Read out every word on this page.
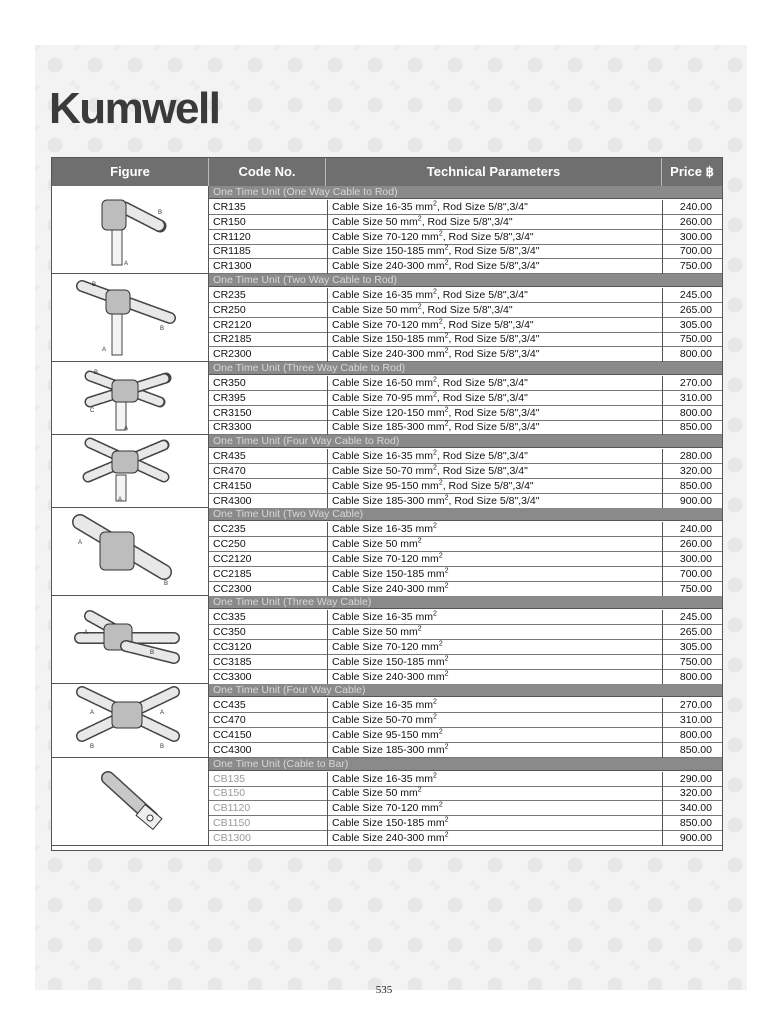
Kumwell
Figure	Code No.	Technical Parameters	Price ฿
A
B
One Time Unit (One Way Cable to Rod)
CR135	Cable Size 16-35 $mm^2$, Rod Size 5/8",3/4"	240.00
CR150	Cable Size 50 $mm^2$, Rod Size 5/8",3/4"	260.00
CR1120	Cable Size 70-120 $mm^2$, Rod Size 5/8",3/4"	300.00
CR1185	Cable Size 150-185 $mm^2$, Rod Size 5/8",3/4"	700.00
CR1300	Cable Size 240-300 $mm^2$, Rod Size 5/8",3/4"	750.00
A
B
B
One Time Unit (Two Way Cable to Rod)
CR235	Cable Size 16-35 $mm^2$, Rod Size 5/8",3/4"	245.00
CR250	Cable Size 50 $mm^2$, Rod Size 5/8",3/4"	265.00
CR2120	Cable Size 70-120 $mm^2$, Rod Size 5/8",3/4"	305.00
CR2185	Cable Size 150-185 $mm^2$, Rod Size 5/8",3/4"	750.00
CR2300	Cable Size 240-300 $mm^2$, Rod Size 5/8",3/4"	800.00
B
C
A
One Time Unit (Three Way Cable to Rod)
CR350	Cable Size 16-50 $mm^2$, Rod Size 5/8",3/4"	270.00
CR395	Cable Size 70-95 $mm^2$, Rod Size 5/8",3/4"	310.00
CR3150	Cable Size 120-150 $mm^2$, Rod Size 5/8",3/4"	800.00
CR3300	Cable Size 185-300 $mm^2$, Rod Size 5/8",3/4"	850.00
A
One Time Unit (Four Way Cable to Rod)
CR435	Cable Size 16-35 $mm^2$, Rod Size 5/8",3/4"	280.00
CR470	Cable Size 50-70 $mm^2$, Rod Size 5/8",3/4"	320.00
CR4150	Cable Size 95-150 $mm^2$, Rod Size 5/8",3/4"	850.00
CR4300	Cable Size 185-300 $mm^2$, Rod Size 5/8",3/4"	900.00
A
B
One Time Unit (Two Way Cable)
CC235	Cable Size 16-35 $mm^2$	240.00
CC250	Cable Size 50 $mm^2$	260.00
CC2120	Cable Size 70-120 $mm^2$	300.00
CC2185	Cable Size 150-185 $mm^2$	700.00
CC2300	Cable Size 240-300 $mm^2$	750.00
A
B
One Time Unit (Three Way Cable)
CC335	Cable Size 16-35 $mm^2$	245.00
CC350	Cable Size 50 $mm^2$	265.00
CC3120	Cable Size 70-120 $mm^2$	305.00
CC3185	Cable Size 150-185 $mm^2$	750.00
CC3300	Cable Size 240-300 $mm^2$	800.00
A	A
B	B
One Time Unit (Four Way Cable)
CC435	Cable Size 16-35 $mm^2$	270.00
CC470	Cable Size 50-70 $mm^2$	310.00
CC4150	Cable Size 95-150 $mm^2$	800.00
CC4300	Cable Size 185-300 $mm^2$	850.00
One Time Unit (Cable to Bar)
CB135	Cable Size 16-35 $mm^2$	290.00
CB150	Cable Size 50 $mm^2$	320.00
CB1120	Cable Size 70-120 $mm^2$	340.00
CB1150	Cable Size 150-185 $mm^2$	850.00
CB1300	Cable Size 240-300 $mm^2$	900.00
535
